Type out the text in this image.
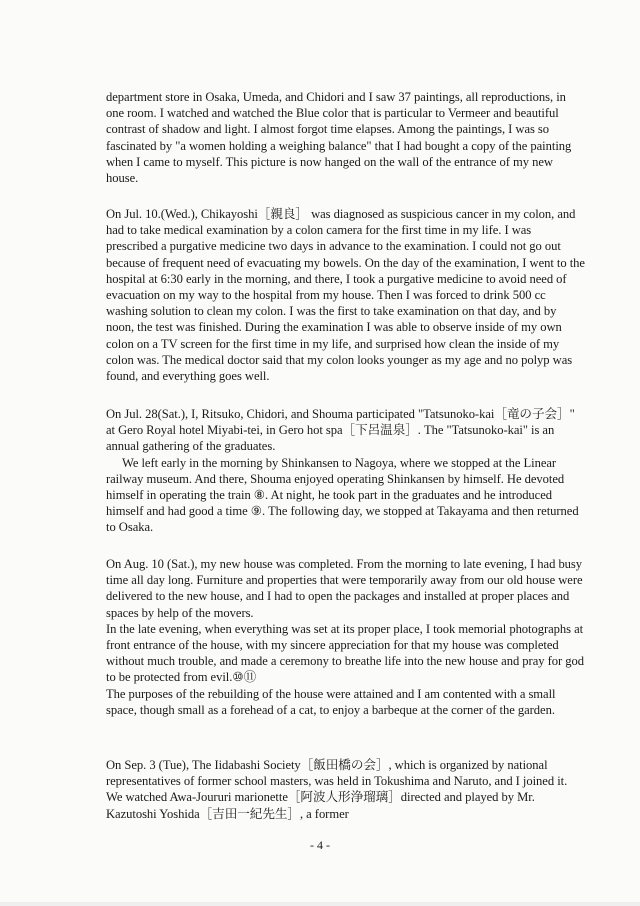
department store in Osaka, Umeda, and Chidori and I saw 37 paintings, all reproductions, in one room. I watched and watched the Blue color that is particular to Vermeer and beautiful contrast of shadow and light. I almost forgot time elapses. Among the paintings, I was so fascinated by "a women holding a weighing balance" that I had bought a copy of the painting when I came to myself. This picture is now hanged on the wall of the entrance of my new house.

On Jul. 10.(Wed.), Chikayoshi［親良］ was diagnosed as suspicious cancer in my colon, and had to take medical examination by a colon camera for the first time in my life. I was prescribed a purgative medicine two days in advance to the examination. I could not go out because of frequent need of evacuating my bowels. On the day of the examination, I went to the hospital at 6:30 early in the morning, and there, I took a purgative medicine to avoid need of evacuation on my way to the hospital from my house. Then I was forced to drink 500 cc washing solution to clean my colon. I was the first to take examination on that day, and by noon, the test was finished. During the examination I was able to observe inside of my own colon on a TV screen for the first time in my life, and surprised how clean the inside of my colon was. The medical doctor said that my colon looks younger as my age and no polyp was found, and everything goes well.

On Jul. 28(Sat.), I, Ritsuko, Chidori, and Shouma participated "Tatsunoko-kai［竜の子会］" at Gero Royal hotel Miyabi-tei, in Gero hot spa［下呂温泉］. The "Tatsunoko-kai" is an annual gathering of the graduates.

We left early in the morning by Shinkansen to Nagoya, where we stopped at the Linear railway museum. And there, Shouma enjoyed operating Shinkansen by himself. He devoted himself in operating the train ⑧. At night, he took part in the graduates and he introduced himself and had good a time ⑨. The following day, we stopped at Takayama and then returned to Osaka.

On Aug. 10 (Sat.), my new house was completed. From the morning to late evening, I had busy time all day long. Furniture and properties that were temporarily away from our old house were delivered to the new house, and I had to open the packages and installed at proper places and spaces by help of the movers.

In the late evening, when everything was set at its proper place, I took memorial photographs at front entrance of the house, with my sincere appreciation for that my house was completed without much trouble, and made a ceremony to breathe life into the new house and pray for god to be protected from evil.⑩⑪

The purposes of the rebuilding of the house were attained and I am contented with a small space, though small as a forehead of a cat, to enjoy a barbeque at the corner of the garden.

On Sep. 3 (Tue), The Iidabashi Society［飯田橋の会］, which is organized by national representatives of former school masters, was held in Tokushima and Naruto, and I joined it. We watched Awa-Joururi marionette［阿波人形浄瑠璃］directed and played by Mr. Kazutoshi Yoshida［吉田一紀先生］, a former

- 4 -
